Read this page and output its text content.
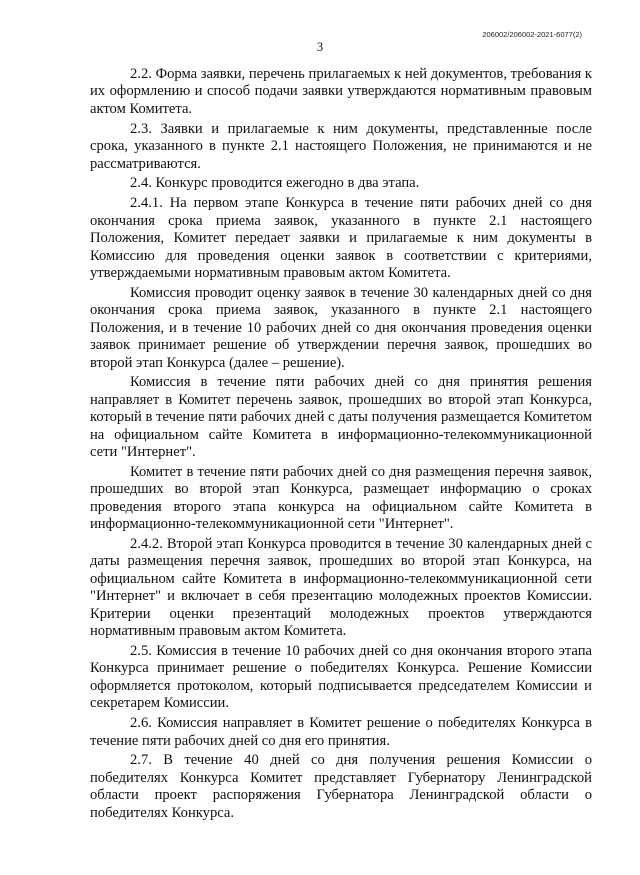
206002/206002-2021-6077(2)
3

2.2. Форма заявки, перечень прилагаемых к ней документов, требования к их оформлению и способ подачи заявки утверждаются нормативным правовым актом Комитета.

2.3. Заявки и прилагаемые к ним документы, представленные после срока, указанного в пункте 2.1 настоящего Положения, не принимаются и не рассматриваются.

2.4. Конкурс проводится ежегодно в два этапа.

2.4.1. На первом этапе Конкурса в течение пяти рабочих дней со дня окончания срока приема заявок, указанного в пункте 2.1 настоящего Положения, Комитет передает заявки и прилагаемые к ним документы в Комиссию для проведения оценки заявок в соответствии с критериями, утверждаемыми нормативным правовым актом Комитета.

Комиссия проводит оценку заявок в течение 30 календарных дней со дня окончания срока приема заявок, указанного в пункте 2.1 настоящего Положения, и в течение 10 рабочих дней со дня окончания проведения оценки заявок принимает решение об утверждении перечня заявок, прошедших во второй этап Конкурса (далее – решение).

Комиссия в течение пяти рабочих дней со дня принятия решения направляет в Комитет перечень заявок, прошедших во второй этап Конкурса, который в течение пяти рабочих дней с даты получения размещается Комитетом на официальном сайте Комитета в информационно-телекоммуникационной сети "Интернет".

Комитет в течение пяти рабочих дней со дня размещения перечня заявок, прошедших во второй этап Конкурса, размещает информацию о сроках проведения второго этапа конкурса на официальном сайте Комитета в информационно-телекоммуникационной сети "Интернет".

2.4.2. Второй этап Конкурса проводится в течение 30 календарных дней с даты размещения перечня заявок, прошедших во второй этап Конкурса, на официальном сайте Комитета в информационно-телекоммуникационной сети "Интернет" и включает в себя презентацию молодежных проектов Комиссии. Критерии оценки презентаций молодежных проектов утверждаются нормативным правовым актом Комитета.

2.5. Комиссия в течение 10 рабочих дней со дня окончания второго этапа Конкурса принимает решение о победителях Конкурса. Решение Комиссии оформляется протоколом, который подписывается председателем Комиссии и секретарем Комиссии.

2.6. Комиссия направляет в Комитет решение о победителях Конкурса в течение пяти рабочих дней со дня его принятия.

2.7. В течение 40 дней со дня получения решения Комиссии о победителях Конкурса Комитет представляет Губернатору Ленинградской области проект распоряжения Губернатора Ленинградской области о победителях Конкурса.
